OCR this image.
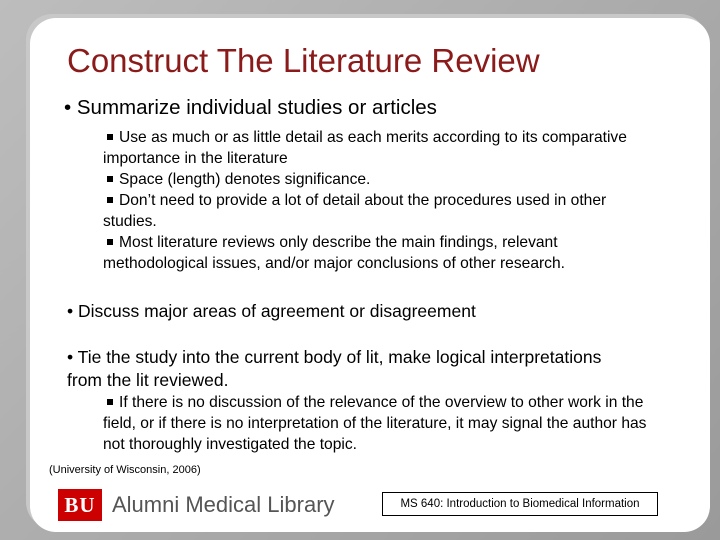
Construct The Literature Review
• Summarize individual studies or articles
Use as much or as little detail as each merits according to its comparative importance in the literature
Space (length) denotes significance.
Don’t need to provide a lot of detail about the procedures used in other studies.
Most literature reviews only describe the main findings, relevant methodological issues, and/or major conclusions of other research.
• Discuss major areas of agreement or disagreement
• Tie the study into the current body of lit, make logical interpretations from the lit reviewed.
If there is no discussion of the relevance of the overview to other work in the field, or if there is no interpretation of the literature, it may signal the author has not thoroughly investigated the topic.
(University of Wisconsin, 2006)
BU Alumni Medical Library	MS 640: Introduction to Biomedical Information
